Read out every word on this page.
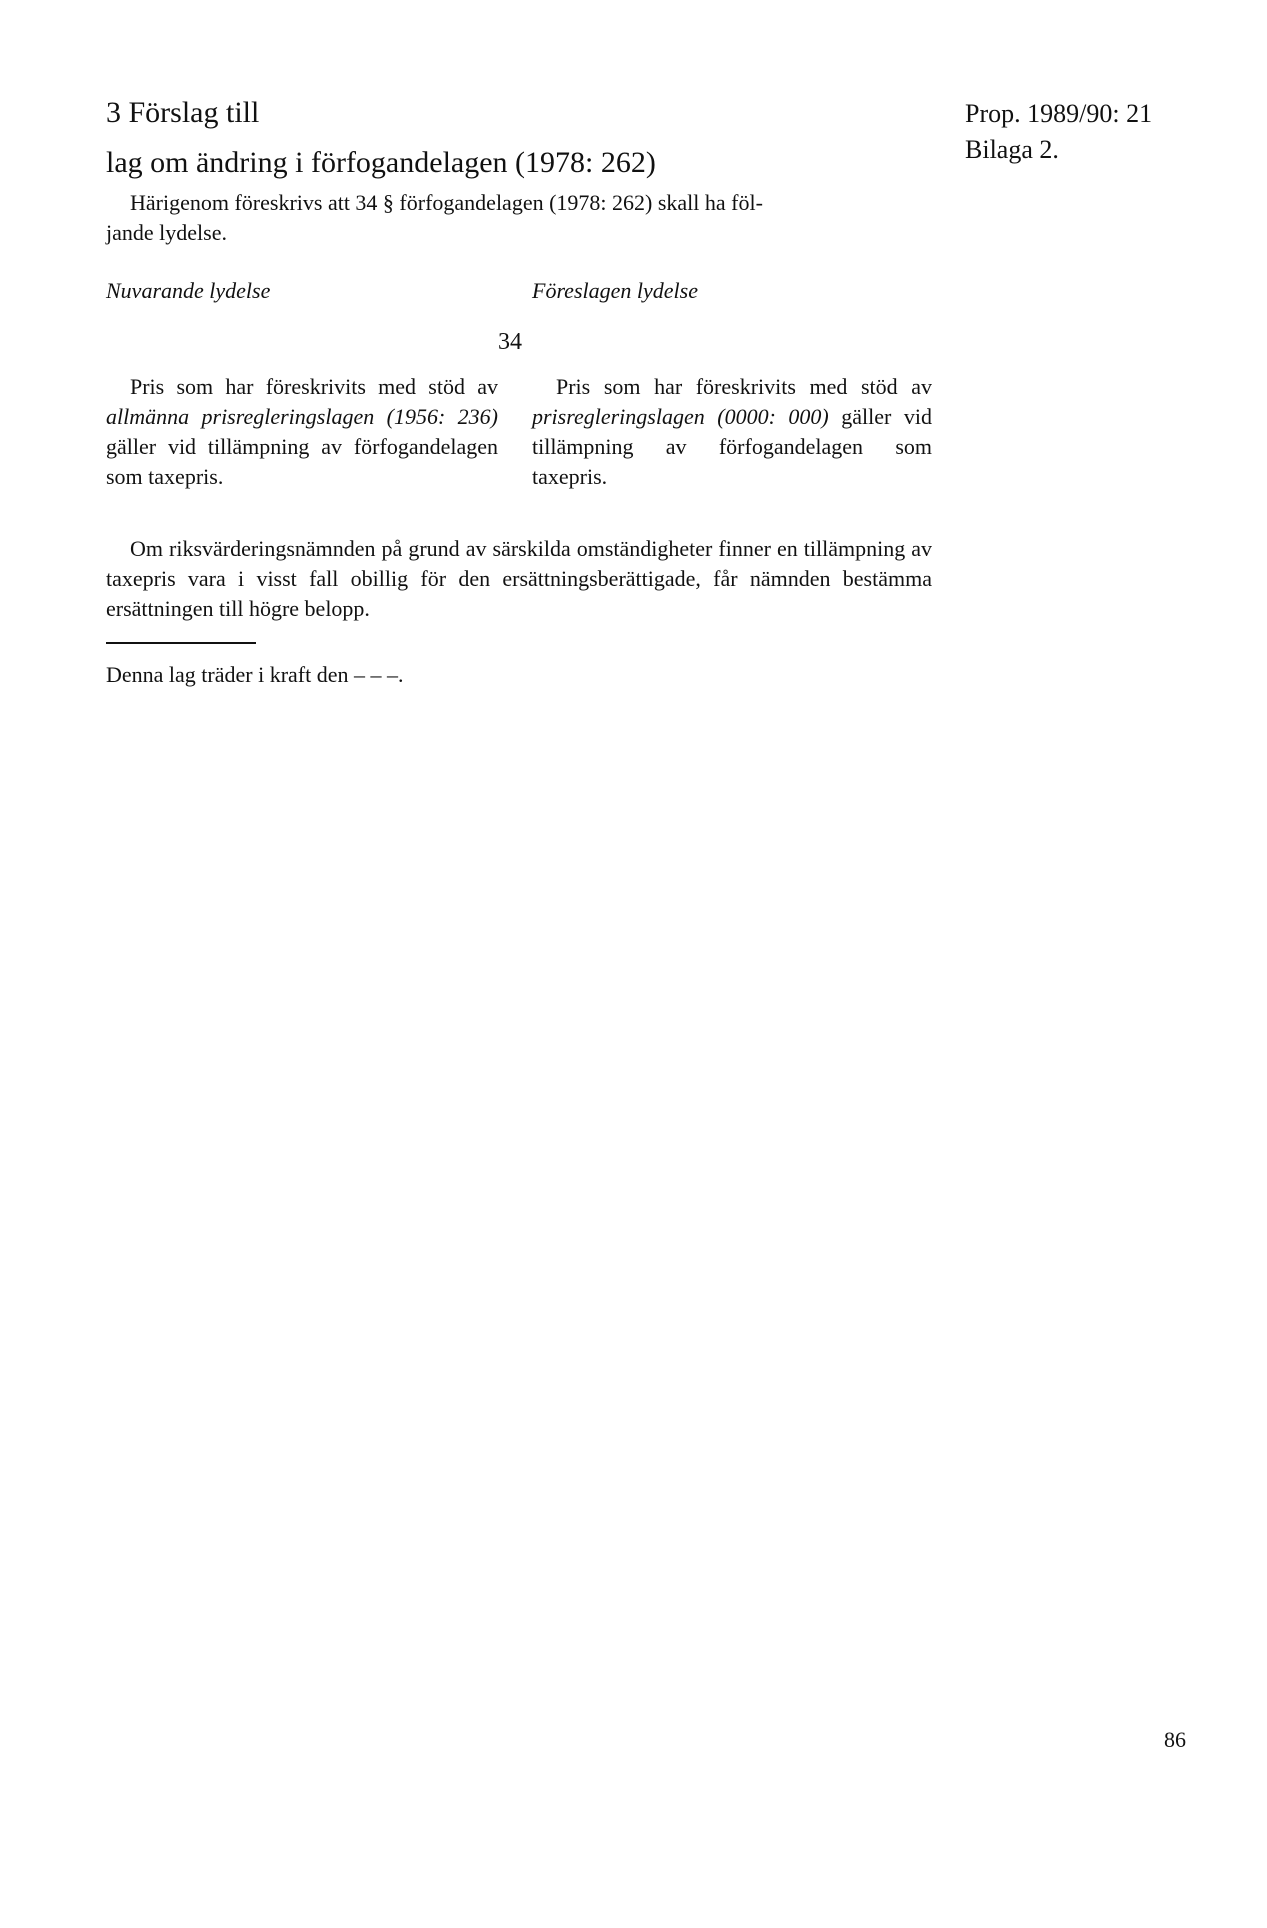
3 Förslag till
lag om ändring i förfogandelagen (1978: 262)
Härigenom föreskrivs att 34 § förfogandelagen (1978: 262) skall ha föl-
jande lydelse.
Prop. 1989/90: 21
Bilaga 2.
Nuvarande lydelse	Föreslagen lydelse
34
Pris som har föreskrivits med stöd av allmänna prisregleringslagen (1956: 236) gäller vid tillämpning av förfogandelagen som taxepris.
Pris som har föreskrivits med stöd av prisregleringslagen (0000: 000) gäller vid tillämpning av förfogandelagen som taxepris.
Om riksvärderingsnämnden på grund av särskilda omständigheter finner en tillämpning av taxepris vara i visst fall obillig för den ersättningsberättigade, får nämnden bestämma ersättningen till högre belopp.
Denna lag träder i kraft den – – –.
86
